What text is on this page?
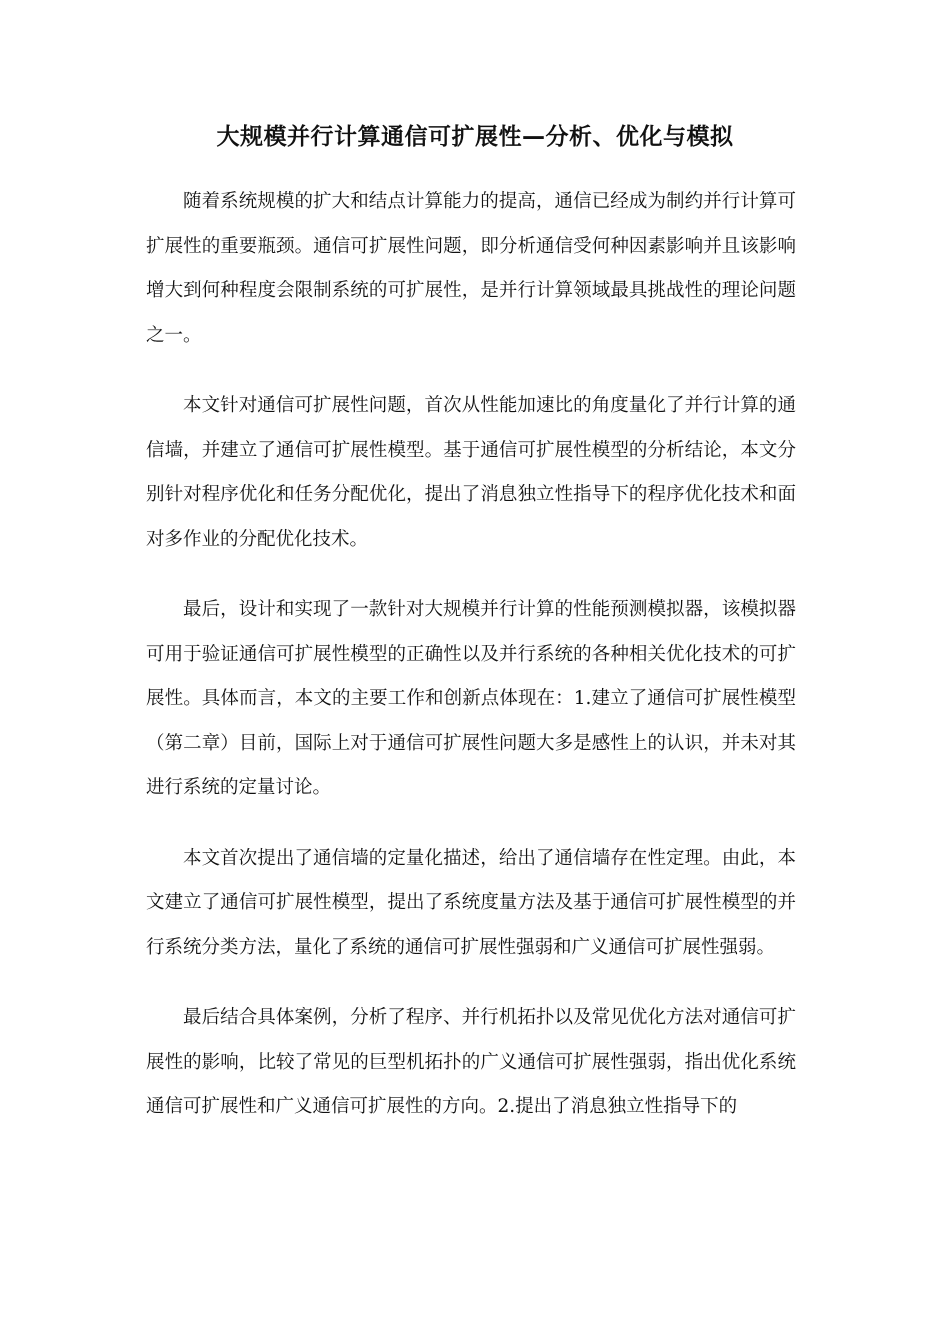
大规模并行计算通信可扩展性—分析、优化与模拟

随着系统规模的扩大和结点计算能力的提高，通信已经成为制约并行计算可扩展性的重要瓶颈。通信可扩展性问题，即分析通信受何种因素影响并且该影响增大到何种程度会限制系统的可扩展性，是并行计算领域最具挑战性的理论问题之一。

本文针对通信可扩展性问题，首次从性能加速比的角度量化了并行计算的通信墙，并建立了通信可扩展性模型。基于通信可扩展性模型的分析结论，本文分别针对程序优化和任务分配优化，提出了消息独立性指导下的程序优化技术和面对多作业的分配优化技术。

最后，设计和实现了一款针对大规模并行计算的性能预测模拟器，该模拟器可用于验证通信可扩展性模型的正确性以及并行系统的各种相关优化技术的可扩展性。具体而言，本文的主要工作和创新点体现在：1.建立了通信可扩展性模型（第二章）目前，国际上对于通信可扩展性问题大多是感性上的认识，并未对其进行系统的定量讨论。

本文首次提出了通信墙的定量化描述，给出了通信墙存在性定理。由此，本文建立了通信可扩展性模型，提出了系统度量方法及基于通信可扩展性模型的并行系统分类方法，量化了系统的通信可扩展性强弱和广义通信可扩展性强弱。

最后结合具体案例，分析了程序、并行机拓扑以及常见优化方法对通信可扩展性的影响，比较了常见的巨型机拓扑的广义通信可扩展性强弱，指出优化系统通信可扩展性和广义通信可扩展性的方向。2.提出了消息独立性指导下的
